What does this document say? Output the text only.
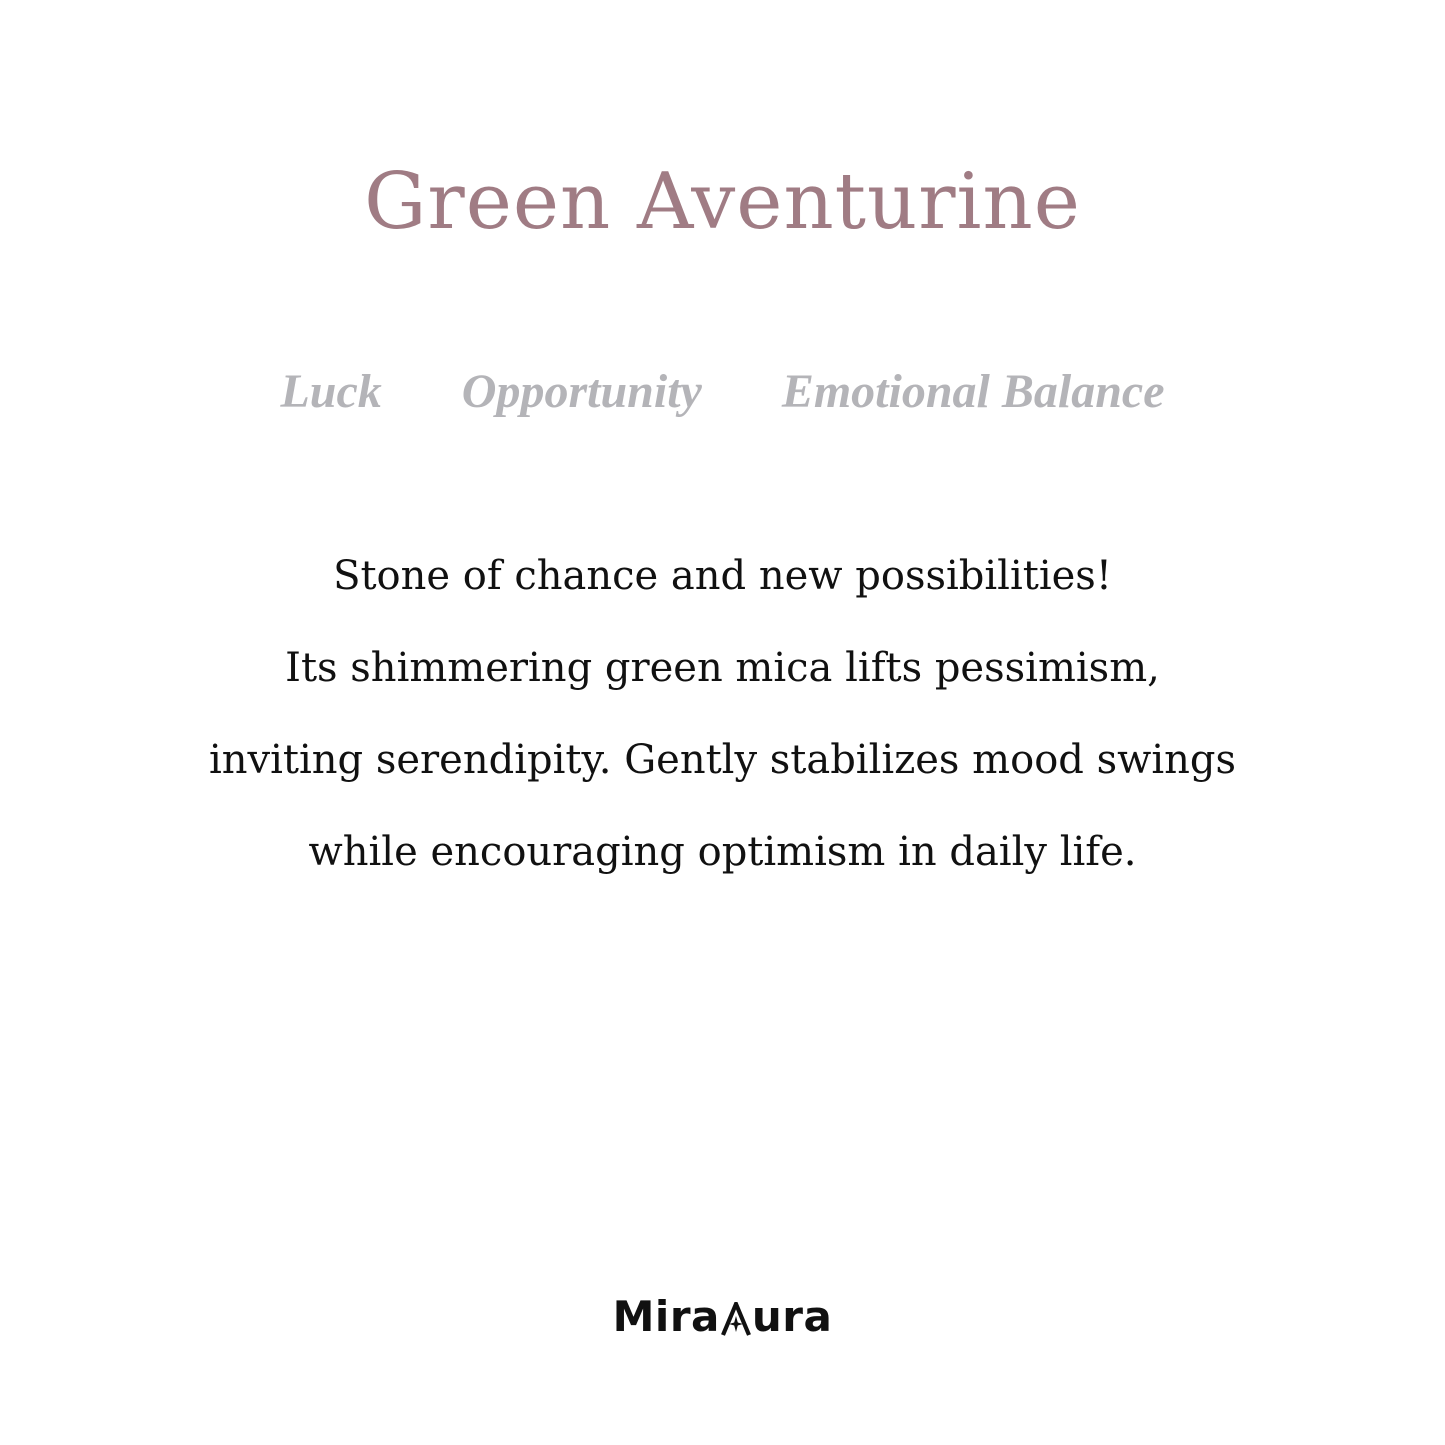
Green Aventurine
Luck Opportunity Emotional Balance
Stone of chance and new possibilities!
Its shimmering green mica lifts pessimism,
inviting serendipity. Gently stabilizes mood swings
while encouraging optimism in daily life.
Mira ura
